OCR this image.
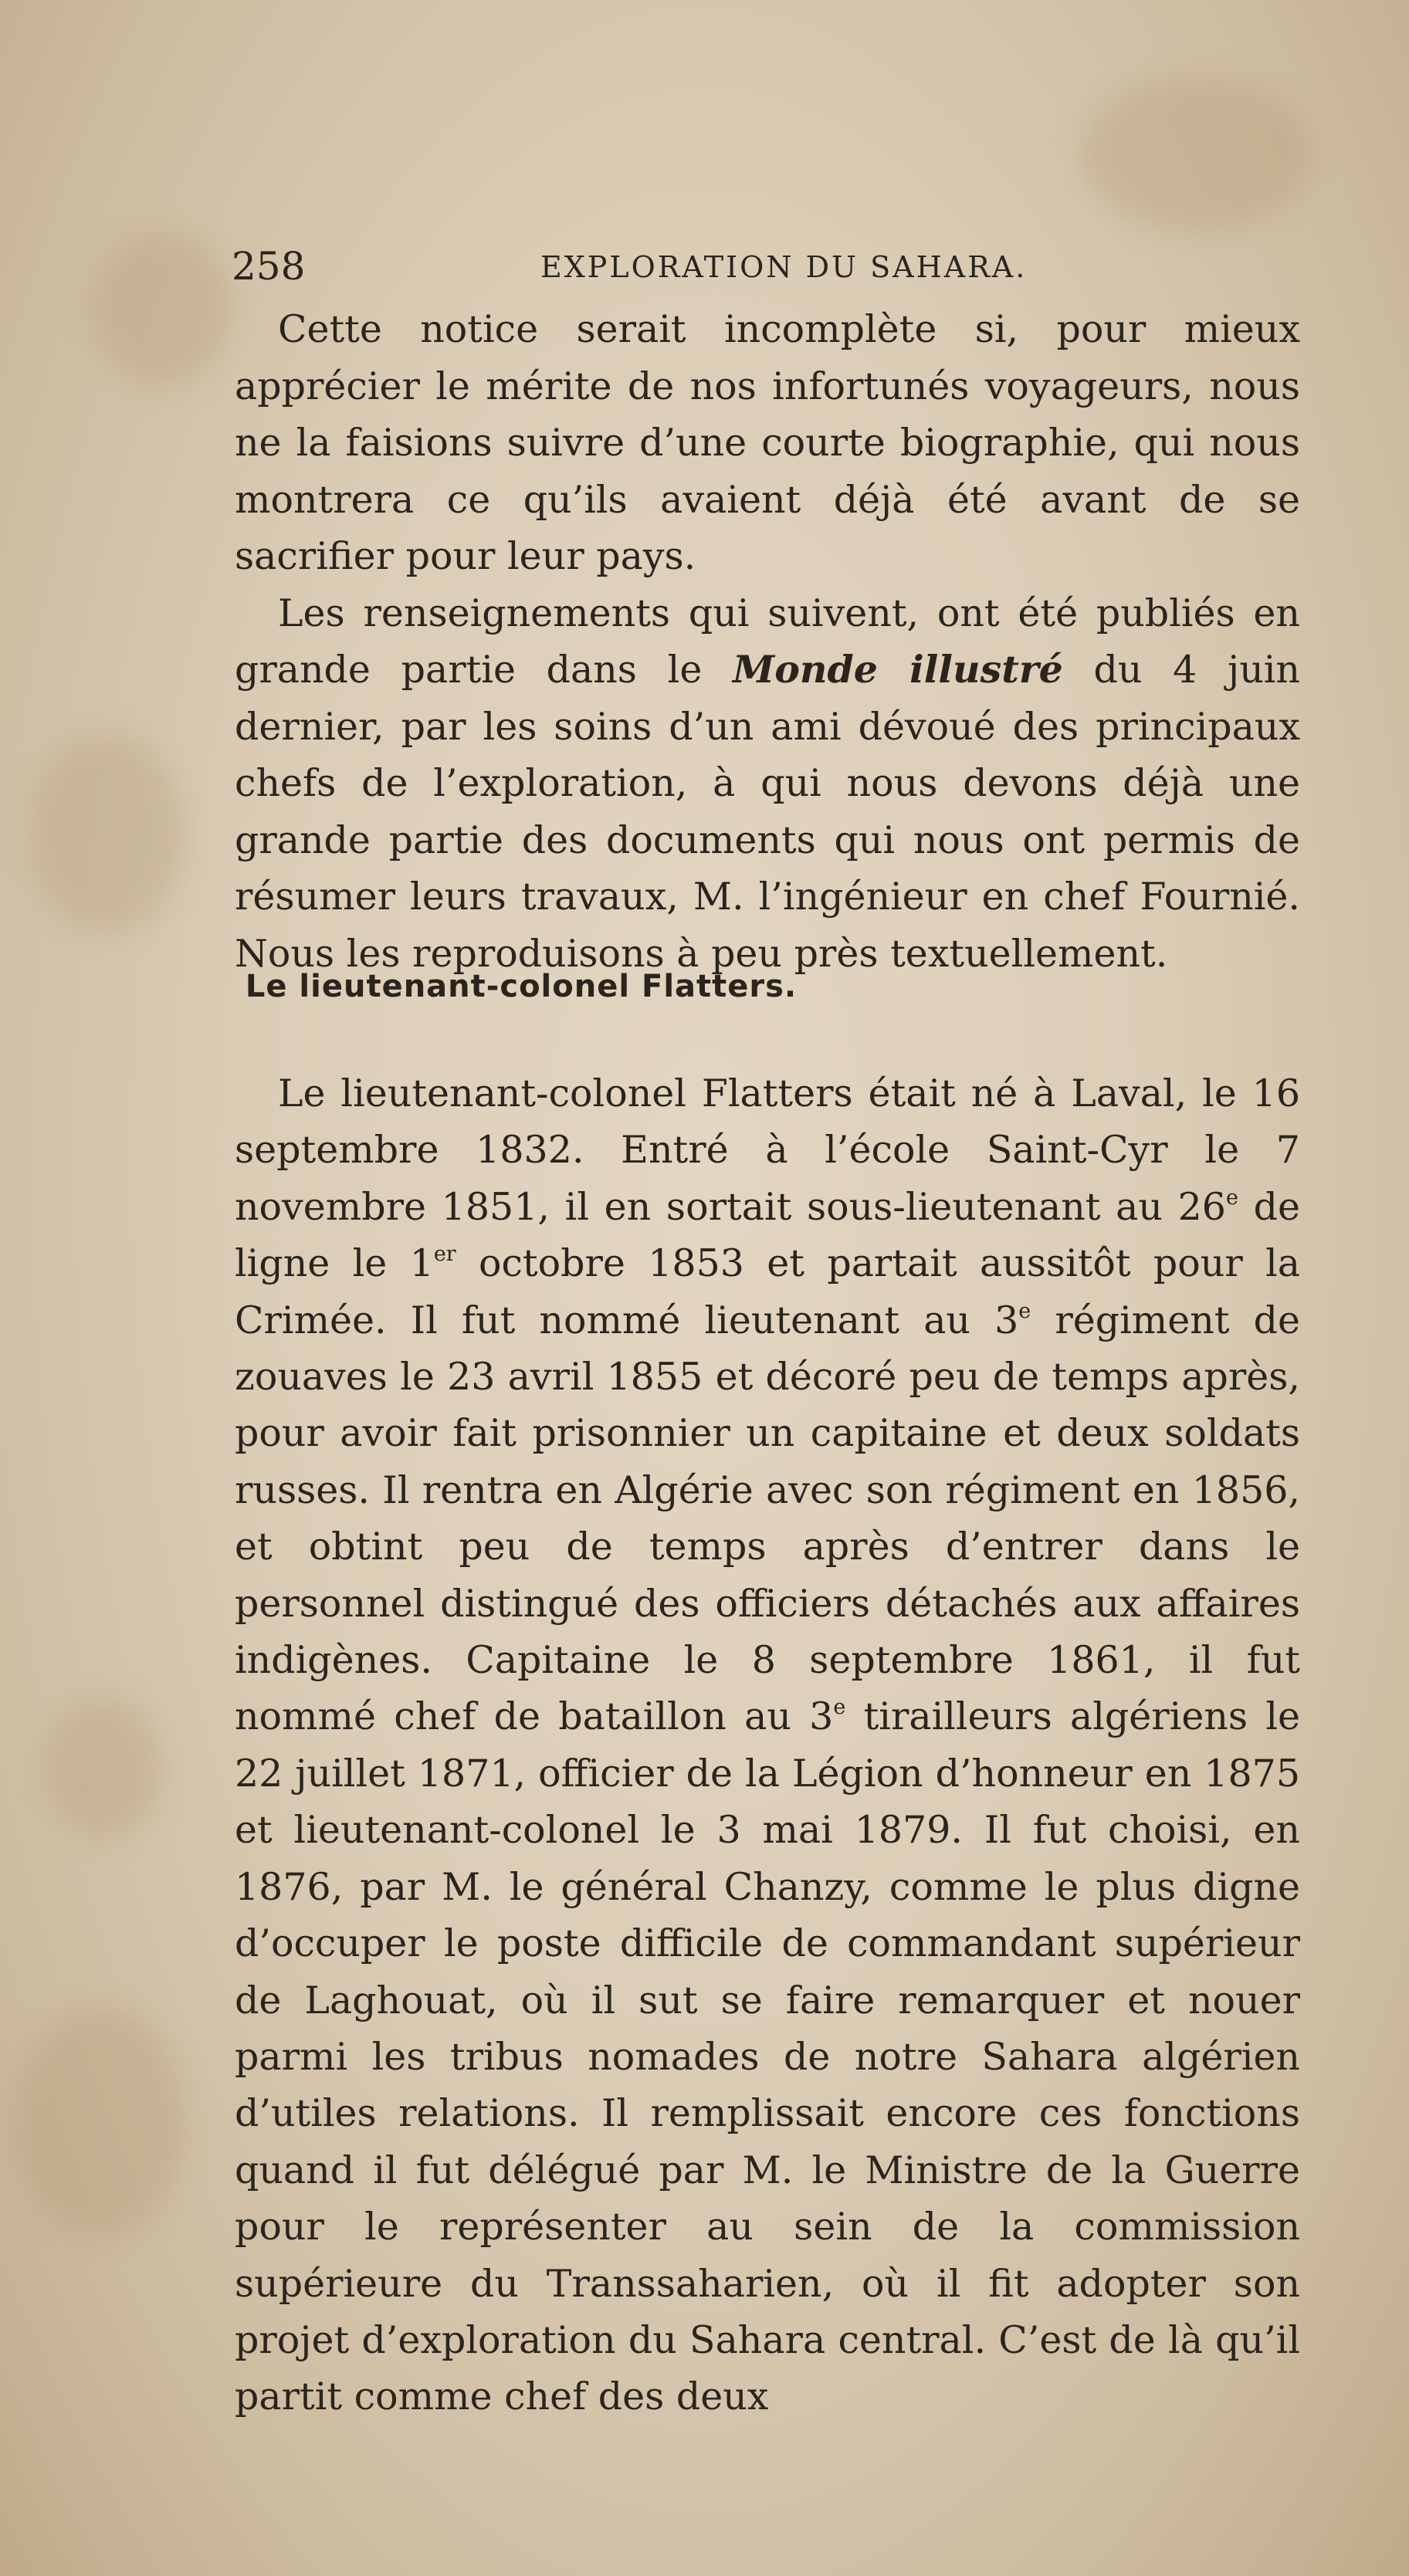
258	EXPLORATION DU SAHARA.

Cette notice serait incomplète si, pour mieux apprécier le mérite de nos infortunés voyageurs, nous ne la faisions suivre d’une courte biographie, qui nous montrera ce qu’ils avaient déjà été avant de se sacrifier pour leur pays.

Les renseignements qui suivent, ont été publiés en grande partie dans le Monde illustré du 4 juin dernier, par les soins d’un ami dévoué des principaux chefs de l’exploration, à qui nous devons déjà une grande partie des documents qui nous ont permis de résumer leurs travaux, M. l’ingénieur en chef Fournié. Nous les reproduisons à peu près textuellement.

Le lieutenant-colonel Flatters.

Le lieutenant-colonel Flatters était né à Laval, le 16 septembre 1832. Entré à l’école Saint-Cyr le 7 novembre 1851, il en sortait sous-lieutenant au 26e de ligne le 1er octobre 1853 et partait aussitôt pour la Crimée. Il fut nommé lieutenant au 3e régiment de zouaves le 23 avril 1855 et décoré peu de temps après, pour avoir fait prisonnier un capitaine et deux soldats russes. Il rentra en Algérie avec son régiment en 1856, et obtint peu de temps après d’entrer dans le personnel distingué des officiers détachés aux affaires indigènes. Capitaine le 8 septembre 1861, il fut nommé chef de bataillon au 3e tirailleurs algériens le 22 juillet 1871, officier de la Légion d’honneur en 1875 et lieutenant-colonel le 3 mai 1879. Il fut choisi, en 1876, par M. le général Chanzy, comme le plus digne d’occuper le poste difficile de commandant supérieur de Laghouat, où il sut se faire remarquer et nouer parmi les tribus nomades de notre Sahara algérien d’utiles relations. Il remplissait encore ces fonctions quand il fut délégué par M. le Ministre de la Guerre pour le représenter au sein de la commission supérieure du Transsaharien, où il fit adopter son projet d’exploration du Sahara central. C’est de là qu’il partit comme chef des deux
